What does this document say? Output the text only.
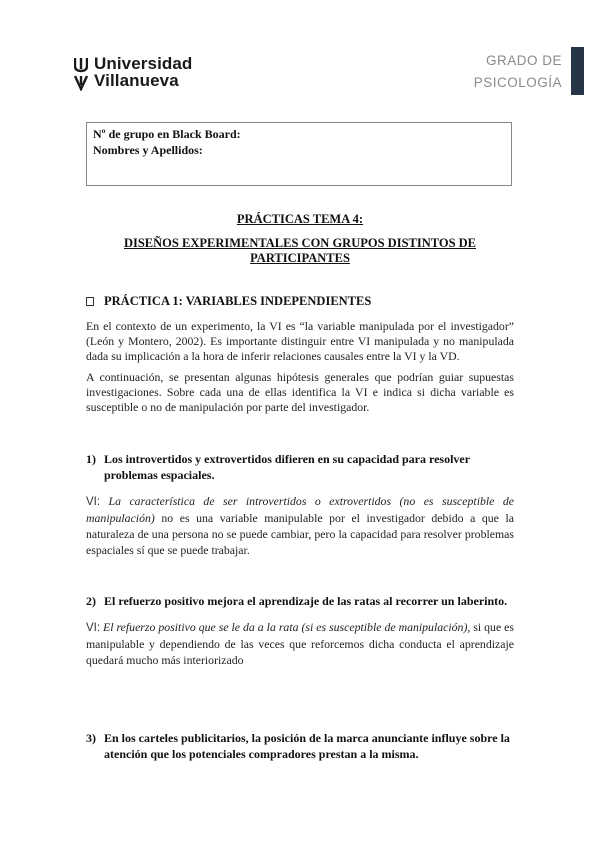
Universidad
Villanueva
GRADO DE
PSICOLOGÍA
Nº de grupo en Black Board:
Nombres y Apellidos:
PRÁCTICAS TEMA 4:
DISEÑOS EXPERIMENTALES CON GRUPOS DISTINTOS DE
PARTICIPANTES
PRÁCTICA 1: VARIABLES INDEPENDIENTES
En el contexto de un experimento, la VI es “la variable manipulada por el investigador” (León y Montero, 2002). Es importante distinguir entre VI manipulada y no manipulada dada su implicación a la hora de inferir relaciones causales entre la VI y la VD.
A continuación, se presentan algunas hipótesis generales que podrían guiar supuestas investigaciones. Sobre cada una de ellas identifica la VI e indica si dicha variable es susceptible o no de manipulación por parte del investigador.
1) Los introvertidos y extrovertidos difieren en su capacidad para resolver
problemas espaciales.
VI: La característica de ser introvertidos o extrovertidos (no es susceptible de manipulación) no es una variable manipulable por el investigador debido a que la naturaleza de una persona no se puede cambiar, pero la capacidad para resolver problemas espaciales sí que se puede trabajar.
2) El refuerzo positivo mejora el aprendizaje de las ratas al recorrer un laberinto.
VI: El refuerzo positivo que se le da a la rata (si es susceptible de manipulación), si que es manipulable y dependiendo de las veces que reforcemos dicha conducta el aprendizaje quedará mucho más interiorizado
3) En los carteles publicitarios, la posición de la marca anunciante influye sobre la
atención que los potenciales compradores prestan a la misma.
